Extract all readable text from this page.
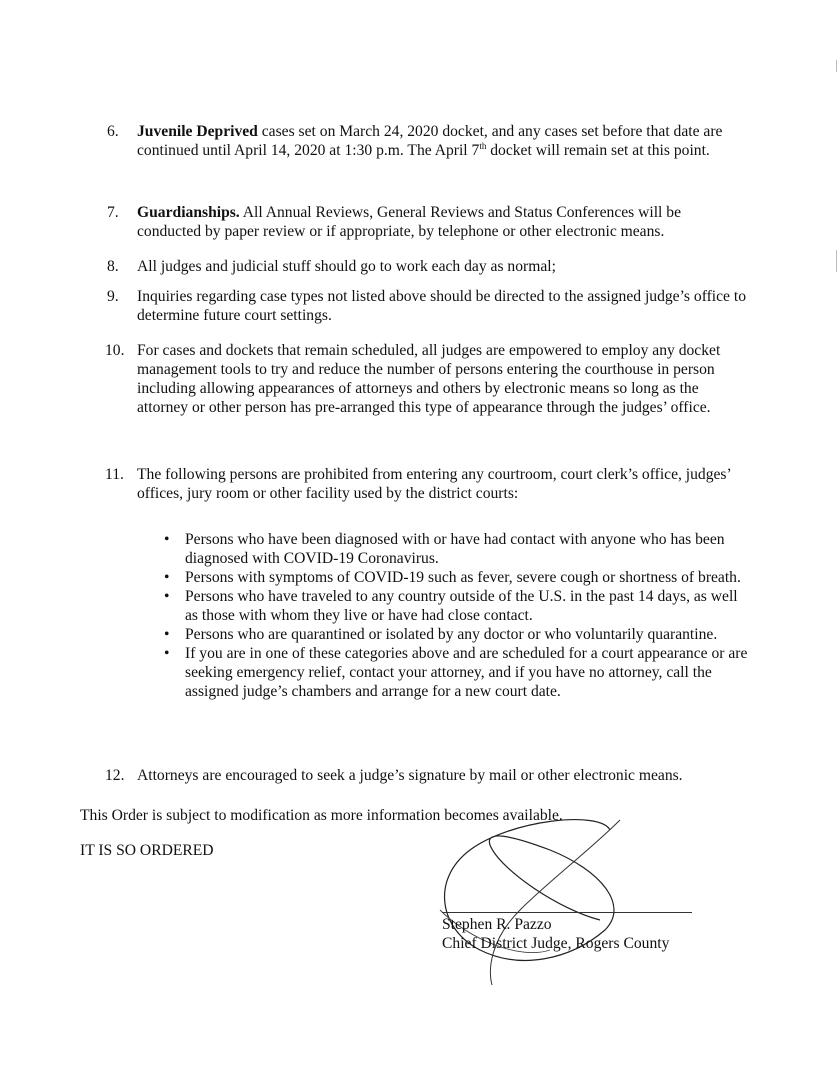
6. Juvenile Deprived cases set on March 24, 2020 docket, and any cases set before that date are continued until April 14, 2020 at 1:30 p.m. The April 7th docket will remain set at this point.
7. Guardianships. All Annual Reviews, General Reviews and Status Conferences will be conducted by paper review or if appropriate, by telephone or other electronic means.
8. All judges and judicial stuff should go to work each day as normal;
9. Inquiries regarding case types not listed above should be directed to the assigned judge’s office to determine future court settings.
10. For cases and dockets that remain scheduled, all judges are empowered to employ any docket management tools to try and reduce the number of persons entering the courthouse in person including allowing appearances of attorneys and others by electronic means so long as the attorney or other person has pre-arranged this type of appearance through the judges’ office.
11. The following persons are prohibited from entering any courtroom, court clerk’s office, judges’ offices, jury room or other facility used by the district courts:
• Persons who have been diagnosed with or have had contact with anyone who has been diagnosed with COVID-19 Coronavirus.
• Persons with symptoms of COVID-19 such as fever, severe cough or shortness of breath.
• Persons who have traveled to any country outside of the U.S. in the past 14 days, as well as those with whom they live or have had close contact.
• Persons who are quarantined or isolated by any doctor or who voluntarily quarantine.
• If you are in one of these categories above and are scheduled for a court appearance or are seeking emergency relief, contact your attorney, and if you have no attorney, call the assigned judge’s chambers and arrange for a new court date.
12. Attorneys are encouraged to seek a judge’s signature by mail or other electronic means.
This Order is subject to modification as more information becomes available.
IT IS SO ORDERED
Stephen R. Pazzo
Chief District Judge, Rogers County
